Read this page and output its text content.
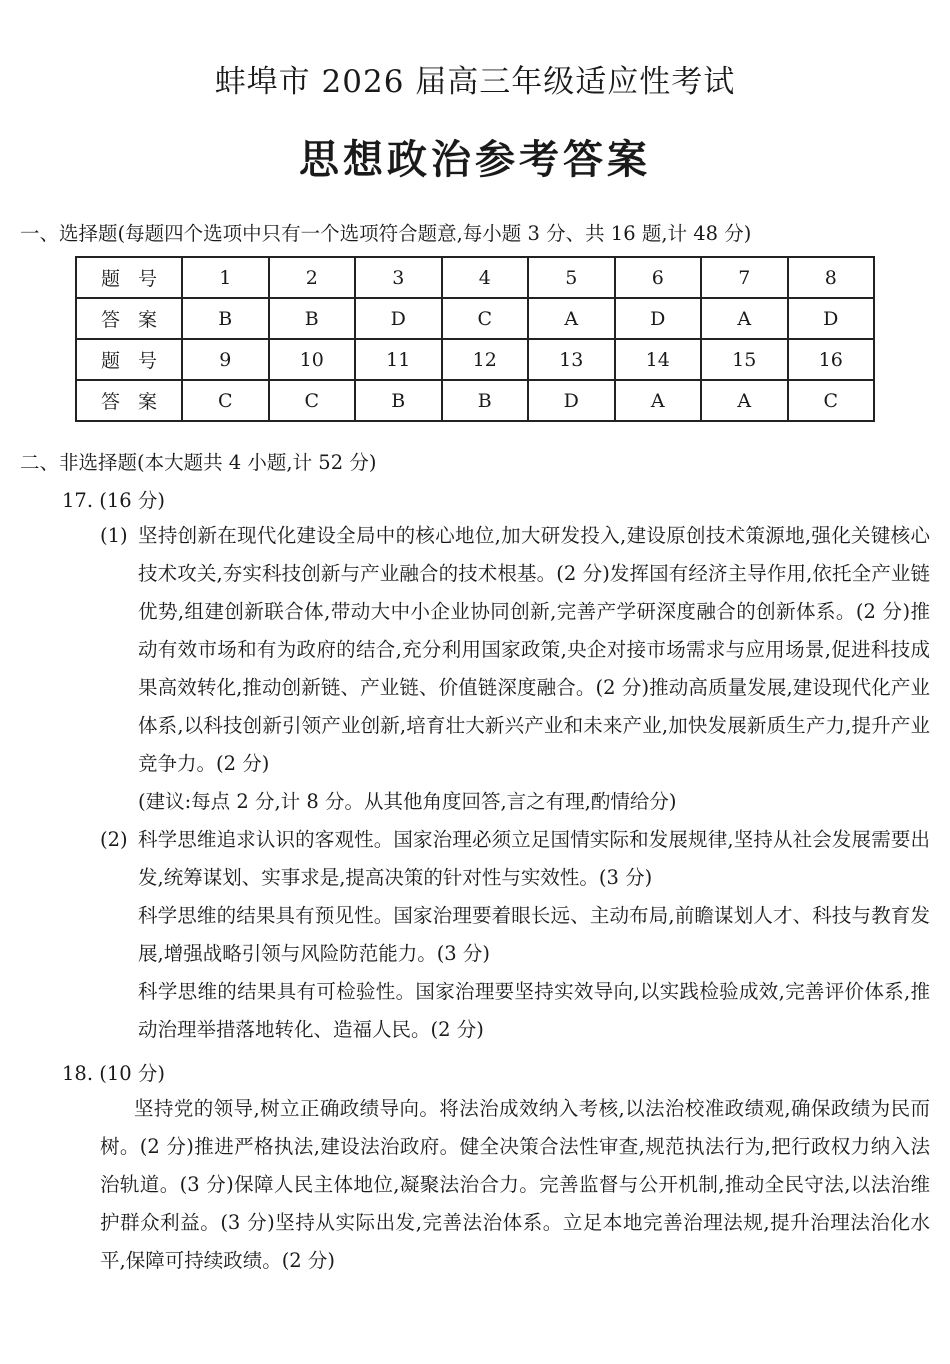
蚌埠市 2026 届高三年级适应性考试
思想政治参考答案
一、选择题(每题四个选项中只有一个选项符合题意,每小题 3 分、共 16 题,计 48 分)
题号	1	2	3	4	5	6	7	8
答案	B	B	D	C	A	D	A	D
题号	9	10	11	12	13	14	15	16
答案	C	C	B	B	D	A	A	C
二、非选择题(本大题共 4 小题,计 52 分)
17. (16 分)
(1) 坚持创新在现代化建设全局中的核心地位,加大研发投入,建设原创技术策源地,强化关键核心技术攻关,夯实科技创新与产业融合的技术根基。(2 分)发挥国有经济主导作用,依托全产业链优势,组建创新联合体,带动大中小企业协同创新,完善产学研深度融合的创新体系。(2 分)推动有效市场和有为政府的结合,充分利用国家政策,央企对接市场需求与应用场景,促进科技成果高效转化,推动创新链、产业链、价值链深度融合。(2 分)推动高质量发展,建设现代化产业体系,以科技创新引领产业创新,培育壮大新兴产业和未来产业,加快发展新质生产力,提升产业竞争力。(2 分)
(建议:每点 2 分,计 8 分。从其他角度回答,言之有理,酌情给分)
(2) 科学思维追求认识的客观性。国家治理必须立足国情实际和发展规律,坚持从社会发展需要出发,统筹谋划、实事求是,提高决策的针对性与实效性。(3 分)
科学思维的结果具有预见性。国家治理要着眼长远、主动布局,前瞻谋划人才、科技与教育发展,增强战略引领与风险防范能力。(3 分)
科学思维的结果具有可检验性。国家治理要坚持实效导向,以实践检验成效,完善评价体系,推动治理举措落地转化、造福人民。(2 分)
18. (10 分)
坚持党的领导,树立正确政绩导向。将法治成效纳入考核,以法治校准政绩观,确保政绩为民而树。(2 分)推进严格执法,建设法治政府。健全决策合法性审查,规范执法行为,把行政权力纳入法治轨道。(3 分)保障人民主体地位,凝聚法治合力。完善监督与公开机制,推动全民守法,以法治维护群众利益。(3 分)坚持从实际出发,完善法治体系。立足本地完善治理法规,提升治理法治化水平,保障可持续政绩。(2 分)
